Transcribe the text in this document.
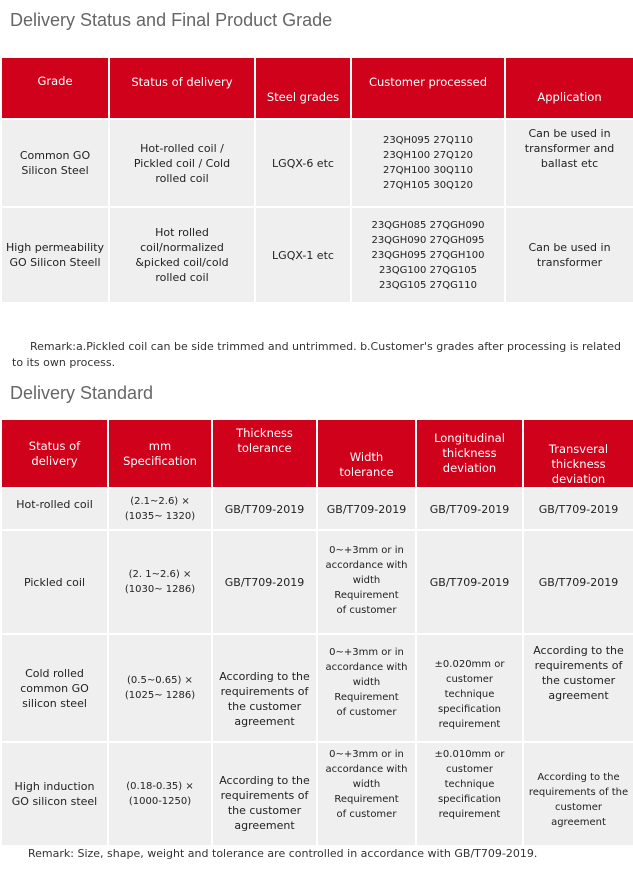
Delivery Status and Final Product Grade
Grade	Status of delivery	Steel grades	Customer processed	Application

Common GO
Silicon Steel	Hot-rolled coil /
Pickled coil / Cold
rolled coil	LGQX-6 etc	23QH095 27Q110
23QH100 27Q120
27QH100 30Q110
27QH105 30Q120	Can be used in
transformer and
ballast etc

High permeability
GO Silicon Steell	Hot rolled coil/normalized
&picked coil/cold
rolled coil	LGQX-1 etc	23QGH085 27QGH090
23QGH090 27QGH095
23QGH095 27QGH100
23QG100 27QG105
23QG105 27QG110	Can be used in
transformer
Remark:a.Pickled coil can be side trimmed and untrimmed. b.Customer's grades after processing is related to its own process.
Delivery Standard
Status of delivery	mm Specification	Thickness tolerance	Width tolerance	Longitudinal thickness deviation	Transveral thickness deviation
Hot-rolled coil	(2.1~2.6) ×
(1035~ 1320)	GB/T709-2019	GB/T709-2019	GB/T709-2019	GB/T709-2019
Pickled coil	(2. 1~2.6) ×
(1030~ 1286)	GB/T709-2019	0~+3mm or in
accordance with
width Requirement
of customer	GB/T709-2019	GB/T709-2019

Cold rolled
common GO
silicon steel	(0.5~0.65) ×
(1025~ 1286)	According to the
requirements of
the customer
agreement	0~+3mm or in
accordance with
width Requirement
of customer	±0.020mm or
customer technique
specification
requirement	According to the
requirements of
the customer
agreement

High induction
GO silicon steel	(0.18-0.35) ×
(1000-1250)	According to the
requirements of
the customer
agreement	0~+3mm or in
accordance with
width Requirement
of customer	±0.010mm or
customer technique
specification
requirement	According to the
requirements of the
customer
agreement
Remark: Size, shape, weight and tolerance are controlled in accordance with GB/T709-2019.
